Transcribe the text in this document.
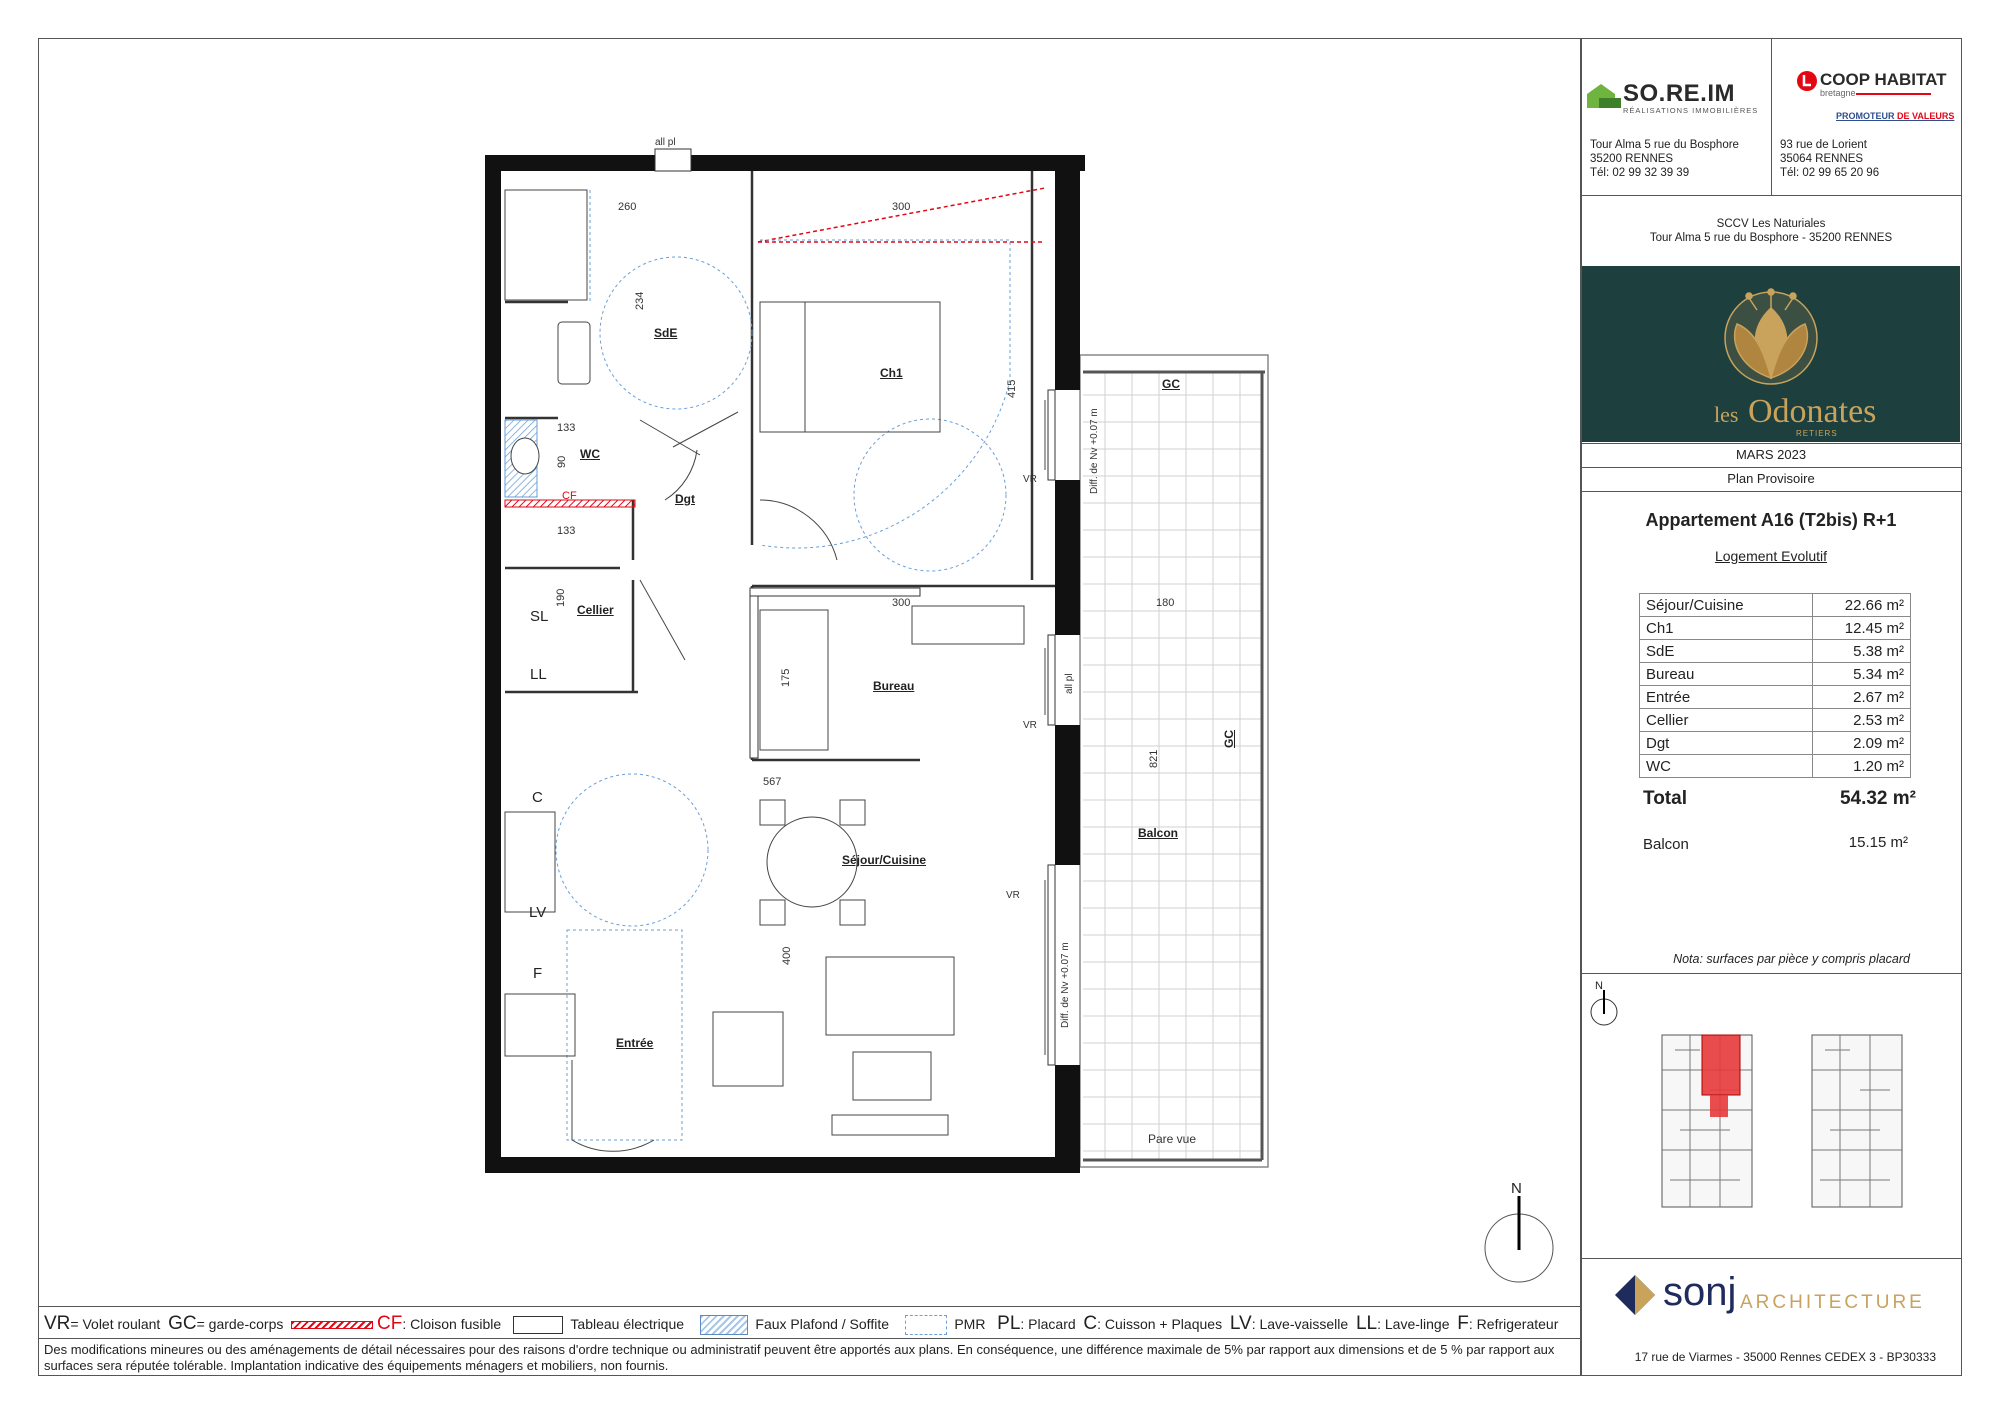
SO.RE.IM
RÉALISATIONS IMMOBILIÈRES
Tour Alma 5 rue du Bosphore
35200 RENNES
Tél: 02 99 32 39 39
COOP HABITAT
bretagne
PROMOTEUR DE VALEURS
93 rue de Lorient
35064 RENNES
Tél: 02 99 65 20 96
SCCV Les Naturiales
Tour Alma 5 rue du Bosphore - 35200 RENNES
les Odonates
RETIERS
MARS 2023
Plan Provisoire
Appartement A16 (T2bis) R+1
Logement Evolutif
Séjour/Cuisine	22.66 m²
Ch1	12.45 m²
SdE	5.38 m²
Bureau	5.34 m²
Entrée	2.67 m²
Cellier	2.53 m²
Dgt	2.09 m²
WC	1.20 m²
Total	54.32 m²
Balcon	15.15 m²
Nota: surfaces par pièce y compris placard
N
sonj ARCHITECTURE
17 rue de Viarmes - 35000 Rennes CEDEX 3 - BP30333
N
VR= Volet roulant GC= garde-corps	CF: Cloison fusible	Tableau électrique	Faux Plafond / Soffite	PMR PL: Placard C: Cuisson + Plaques LV: Lave-vaisselle LL: Lave-linge F: Refrigerateur
Des modifications mineures ou des aménagements de détail nécessaires pour des raisons d'ordre technique ou administratif peuvent être apportés aux plans. En conséquence, une différence maximale de 5% par rapport aux dimensions et de 5 % par rapport aux surfaces sera réputée tolérable. Implantation indicative des équipements ménagers et mobiliers, non fournis.
SdE
Ch1
WC
Dgt
Cellier
Bureau
Séjour/Cuisine
Entrée
Balcon
GC
GC
260	300
234
415
133
90
133
190	300	180
175
567
821
400
SL
LL
C
LV
F
CF
VR
VR
VR
all pl
all pl
Diff. de Nv +0.07 m
Diff. de Nv +0.07 m
Pare vue
